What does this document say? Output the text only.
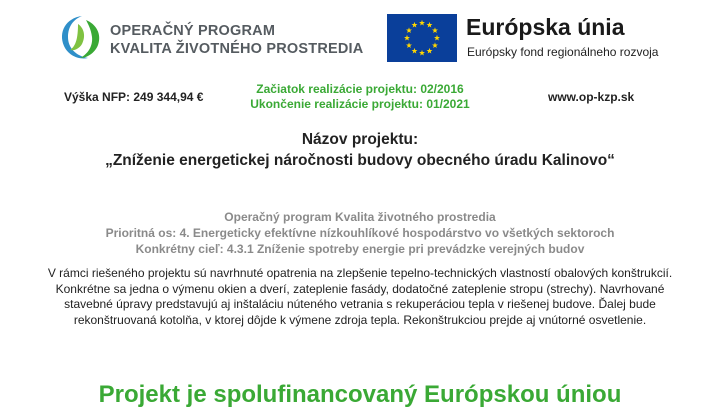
OPERAČNÝ PROGRAM
KVALITA ŽIVOTNÉHO PROSTREDIA
Európska únia
Európsky fond regionálneho rozvoja
Výška NFP: 249 344,94 €
Začiatok realizácie projektu: 02/2016
Ukončenie realizácie projektu: 01/2021	www.op-kzp.sk
Názov projektu:
„Zníženie energetickej náročnosti budovy obecného úradu Kalinovo“
Operačný program Kvalita životného prostredia
Prioritná os: 4. Energeticky efektívne nízkouhlíkové hospodárstvo vo všetkých sektoroch
Konkrétny cieľ: 4.3.1 Zníženie spotreby energie pri prevádzke verejných budov
V rámci riešeného projektu sú navrhnuté opatrenia na zlepšenie tepelno-technických vlastností obalových konštrukcií.
Konkrétne sa jedna o výmenu okien a dverí, zateplenie fasády, dodatočné zateplenie stropu (strechy). Navrhované
stavebné úpravy predstavujú aj inštaláciu núteného vetrania s rekuperáciou tepla v riešenej budove. Ďalej bude
rekonštruovaná kotolňa, v ktorej dôjde k výmene zdroja tepla. Rekonštrukciou prejde aj vnútorné osvetlenie.
Projekt je spolufinancovaný Európskou úniou
